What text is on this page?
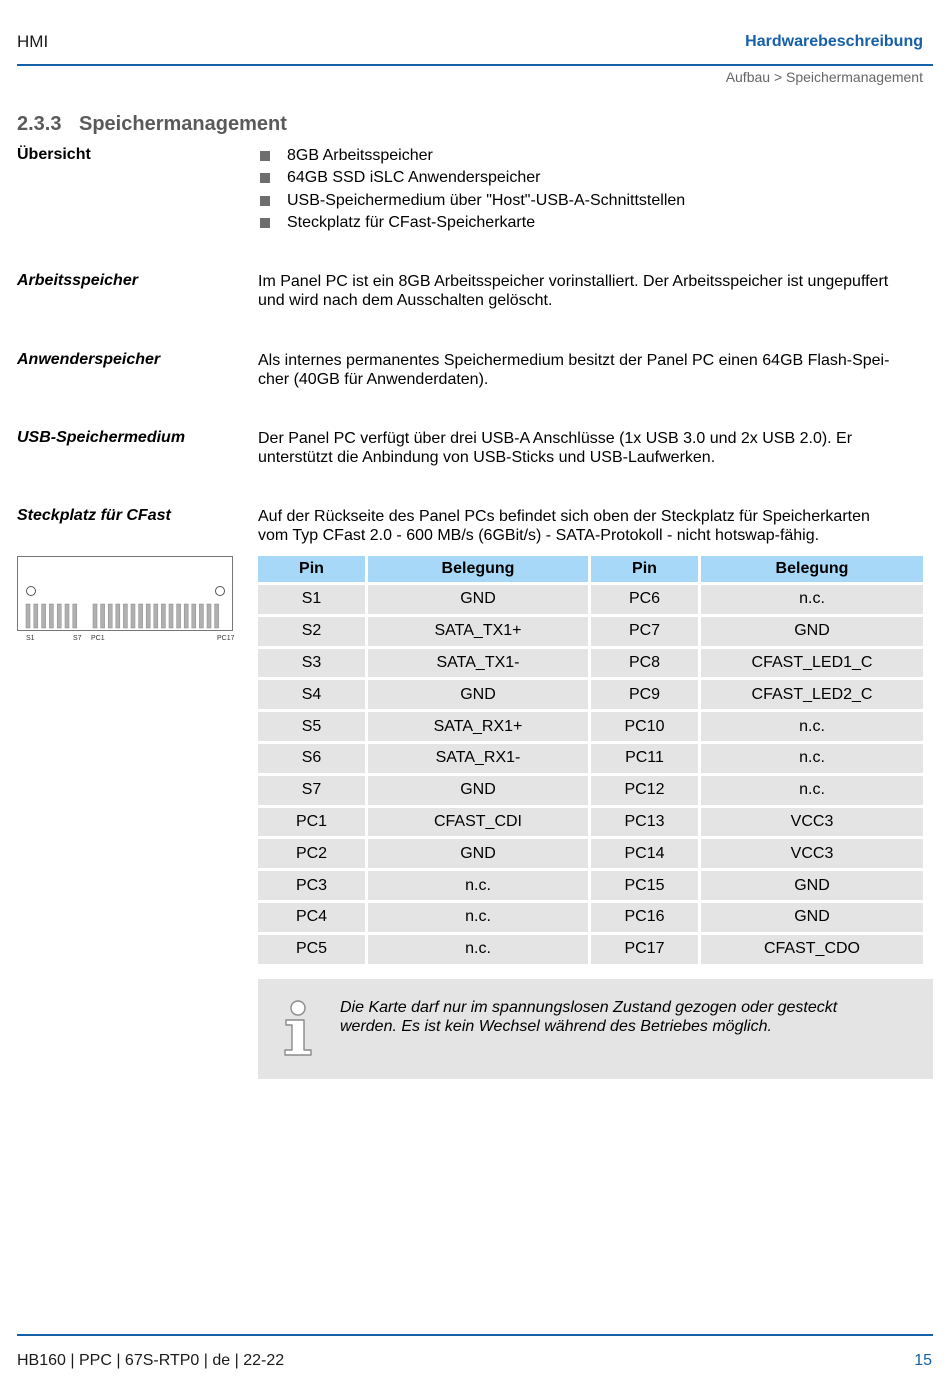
HMI	Hardwarebeschreibung
Aufbau > Speichermanagement
2.3.3 Speichermanagement
Übersicht	8GB Arbeitsspeicher
64GB SSD iSLC Anwenderspeicher
USB-Speichermedium über "Host"-USB-A-Schnittstellen
Steckplatz für CFast-Speicherkarte
Arbeitsspeicher	Im Panel PC ist ein 8GB Arbeitsspeicher vorinstalliert. Der Arbeitsspeicher ist ungepuffert
und wird nach dem Ausschalten gelöscht.
Anwenderspeicher	Als internes permanentes Speichermedium besitzt der Panel PC einen 64GB Flash-Spei-
cher (40GB für Anwenderdaten).
USB-Speichermedium	Der Panel PC verfügt über drei USB-A Anschlüsse (1x USB 3.0 und 2x USB 2.0). Er
unterstützt die Anbindung von USB-Sticks und USB-Laufwerken.
Steckplatz für CFast	Auf der Rückseite des Panel PCs befindet sich oben der Steckplatz für Speicherkarten
vom Typ CFast 2.0 - 600 MB/s (6GBit/s) - SATA-Protokoll - nicht hotswap-fähig.
S1	S7 PC1	PC17
Pin	Belegung	Pin	Belegung
S1	GND	PC6	n.c.
S2	SATA_TX1+	PC7	GND
S3	SATA_TX1-	PC8	CFAST_LED1_C
S4	GND	PC9	CFAST_LED2_C
S5	SATA_RX1+	PC10	n.c.
S6	SATA_RX1-	PC11	n.c.
S7	GND	PC12	n.c.
PC1	CFAST_CDI	PC13	VCC3
PC2	GND	PC14	VCC3
PC3	n.c.	PC15	GND
PC4	n.c.	PC16	GND
PC5	n.c.	PC17	CFAST_CDO
Die Karte darf nur im spannungslosen Zustand gezogen oder gesteckt
werden. Es ist kein Wechsel während des Betriebes möglich.
HB160 | PPC | 67S-RTP0 | de | 22-22	15
